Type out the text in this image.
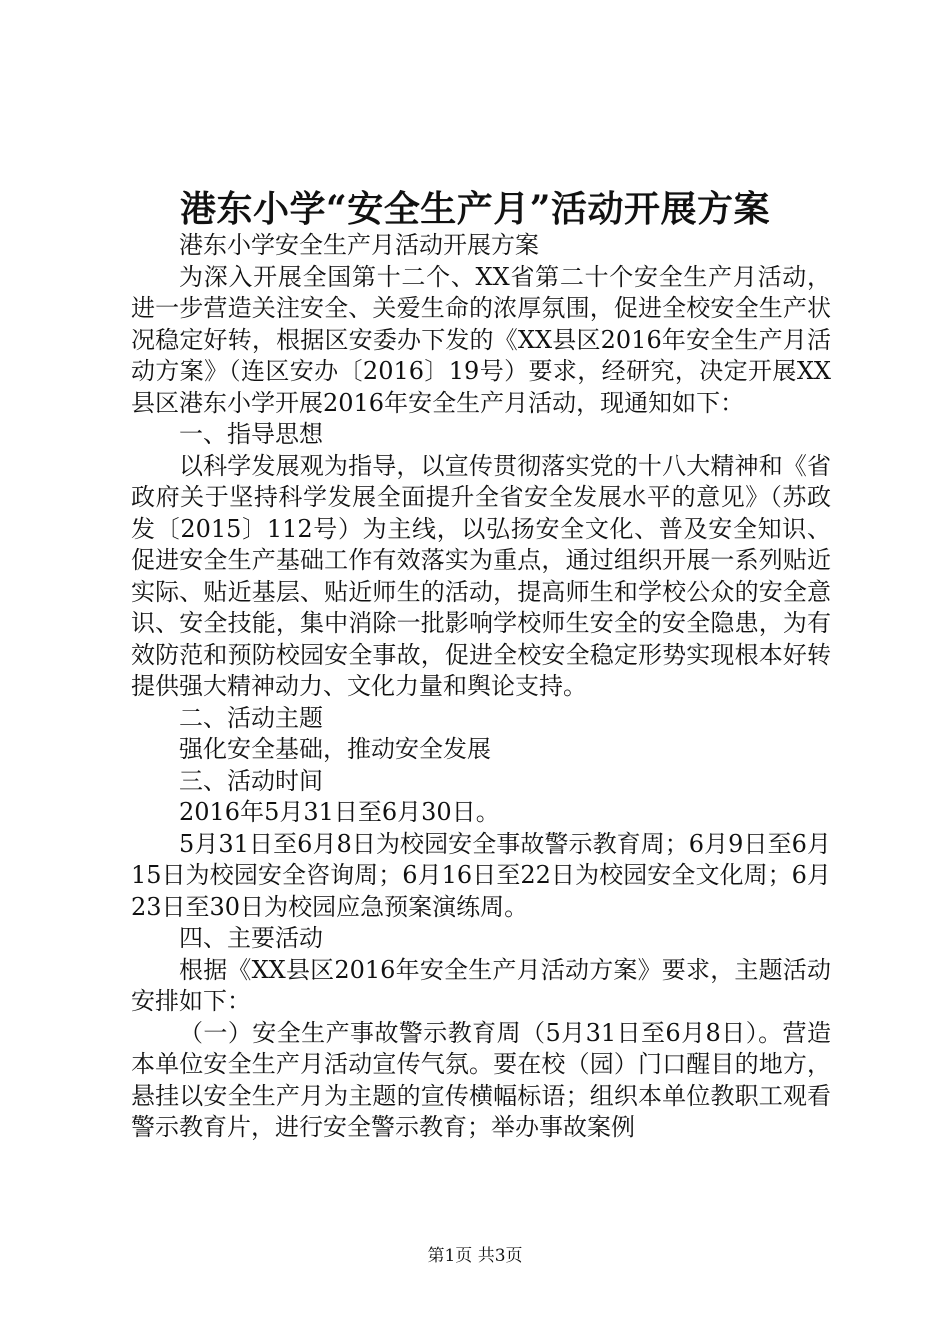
港东小学“安全生产月”活动开展方案

港东小学安全生产月活动开展方案

为深入开展全国第十二个、XX省第二十个安全生产月活动，进一步营造关注安全、关爱生命的浓厚氛围，促进全校安全生产状况稳定好转，根据区安委办下发的《XX县区2016年安全生产月活动方案》（连区安办〔2016〕19号）要求，经研究，决定开展XX县区港东小学开展2016年安全生产月活动，现通知如下：

一、指导思想

以科学发展观为指导，以宣传贯彻落实党的十八大精神和《省政府关于坚持科学发展全面提升全省安全发展水平的意见》（苏政发〔2015〕112号）为主线，以弘扬安全文化、普及安全知识、促进安全生产基础工作有效落实为重点，通过组织开展一系列贴近实际、贴近基层、贴近师生的活动，提高师生和学校公众的安全意识、安全技能，集中消除一批影响学校师生安全的安全隐患，为有效防范和预防校园安全事故，促进全校安全稳定形势实现根本好转提供强大精神动力、文化力量和舆论支持。

二、活动主题

强化安全基础，推动安全发展

三、活动时间

2016年5月31日至6月30日。

5月31日至6月8日为校园安全事故警示教育周；6月9日至6月15日为校园安全咨询周；6月16日至22日为校园安全文化周；6月23日至30日为校园应急预案演练周。

四、主要活动

根据《XX县区2016年安全生产月活动方案》要求，主题活动安排如下：

（一）安全生产事故警示教育周（5月31日至6月8日）。营造本单位安全生产月活动宣传气氛。要在校（园）门口醒目的地方，悬挂以安全生产月为主题的宣传横幅标语；组织本单位教职工观看警示教育片，进行安全警示教育；举办事故案例

第1页 共3页
